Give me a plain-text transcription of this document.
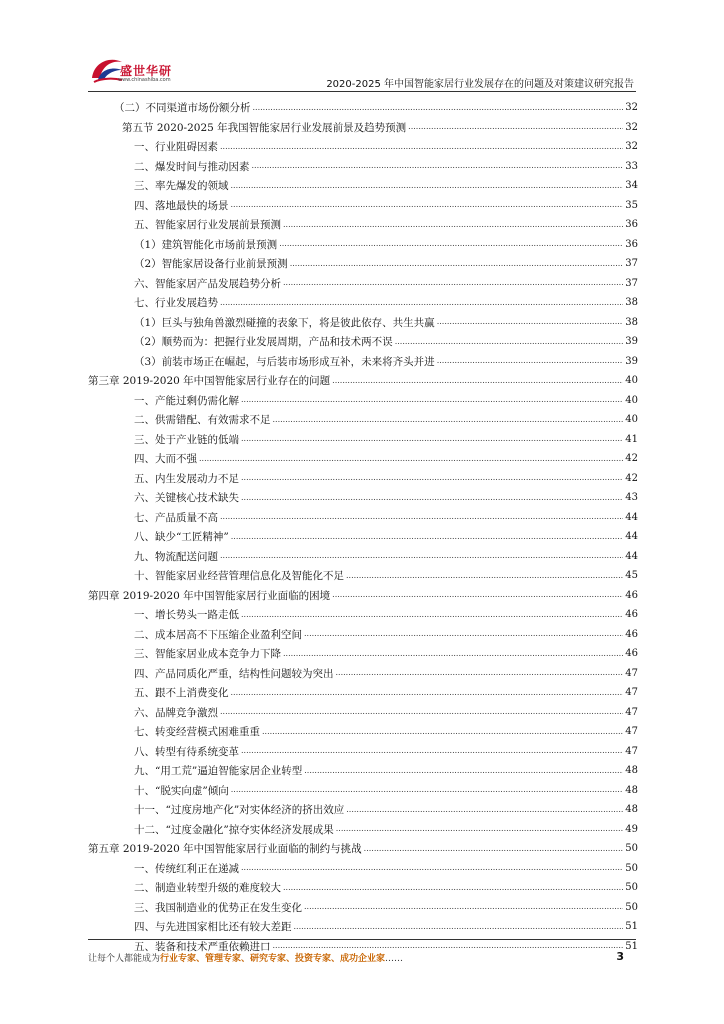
盛世华研
www.chinashiba.com	2020-2025 年中国智能家居行业发展存在的问题及对策建议研究报告
（二）不同渠道市场份额分析 .....	32
第五节 2020-2025 年我国智能家居行业发展前景及趋势预测 .....	32
一、行业阻碍因素 .....	32
二、爆发时间与推动因素 .....	33
三、率先爆发的领域 .....	34
四、落地最快的场景 .....	35
五、智能家居行业发展前景预测 .....	36
（1）建筑智能化市场前景预测 .....	36
（2）智能家居设备行业前景预测 .....	37
六、智能家居产品发展趋势分析 .....	37
七、行业发展趋势 .....	38
（1）巨头与独角兽激烈碰撞的表象下，将是彼此依存、共生共赢 .....	38
（2）顺势而为：把握行业发展周期，产品和技术两不误 .....	39
（3）前装市场正在崛起，与后装市场形成互补，未来将齐头并进 .....	39
第三章 2019-2020 年中国智能家居行业存在的问题 .....	40
一、产能过剩仍需化解 .....	40
二、供需错配、有效需求不足 .....	40
三、处于产业链的低端 .....	41
四、大而不强 .....	42
五、内生发展动力不足 .....	42
六、关键核心技术缺失 .....	43
七、产品质量不高 .....	44
八、缺少“工匠精神” .....	44
九、物流配送问题 .....	44
十、智能家居业经营管理信息化及智能化不足 .....	45
第四章 2019-2020 年中国智能家居行业面临的困境 .....	46
一、增长势头一路走低 .....	46
二、成本居高不下压缩企业盈利空间 .....	46
三、智能家居业成本竞争力下降 .....	46
四、产品同质化严重，结构性问题较为突出 .....	47
五、跟不上消费变化 .....	47
六、品牌竞争激烈 .....	47
七、转变经营模式困难重重 .....	47
八、转型有待系统变革 .....	47
九、“用工荒”逼迫智能家居企业转型 .....	48
十、“脱实向虚”倾向 .....	48
十一、“过度房地产化”对实体经济的挤出效应 .....	48
十二、“过度金融化”掠夺实体经济发展成果 .....	49
第五章 2019-2020 年中国智能家居行业面临的制约与挑战 .....	50
一、传统红利正在递减 .....	50
二、制造业转型升级的难度较大 .....	50
三、我国制造业的优势正在发生变化 .....	50
四、与先进国家相比还有较大差距 .....	51
五、装备和技术严重依赖进口 .....	51
让每个人都能成为行业专家、管理专家、研究专家、投资专家、成功企业家……	3
